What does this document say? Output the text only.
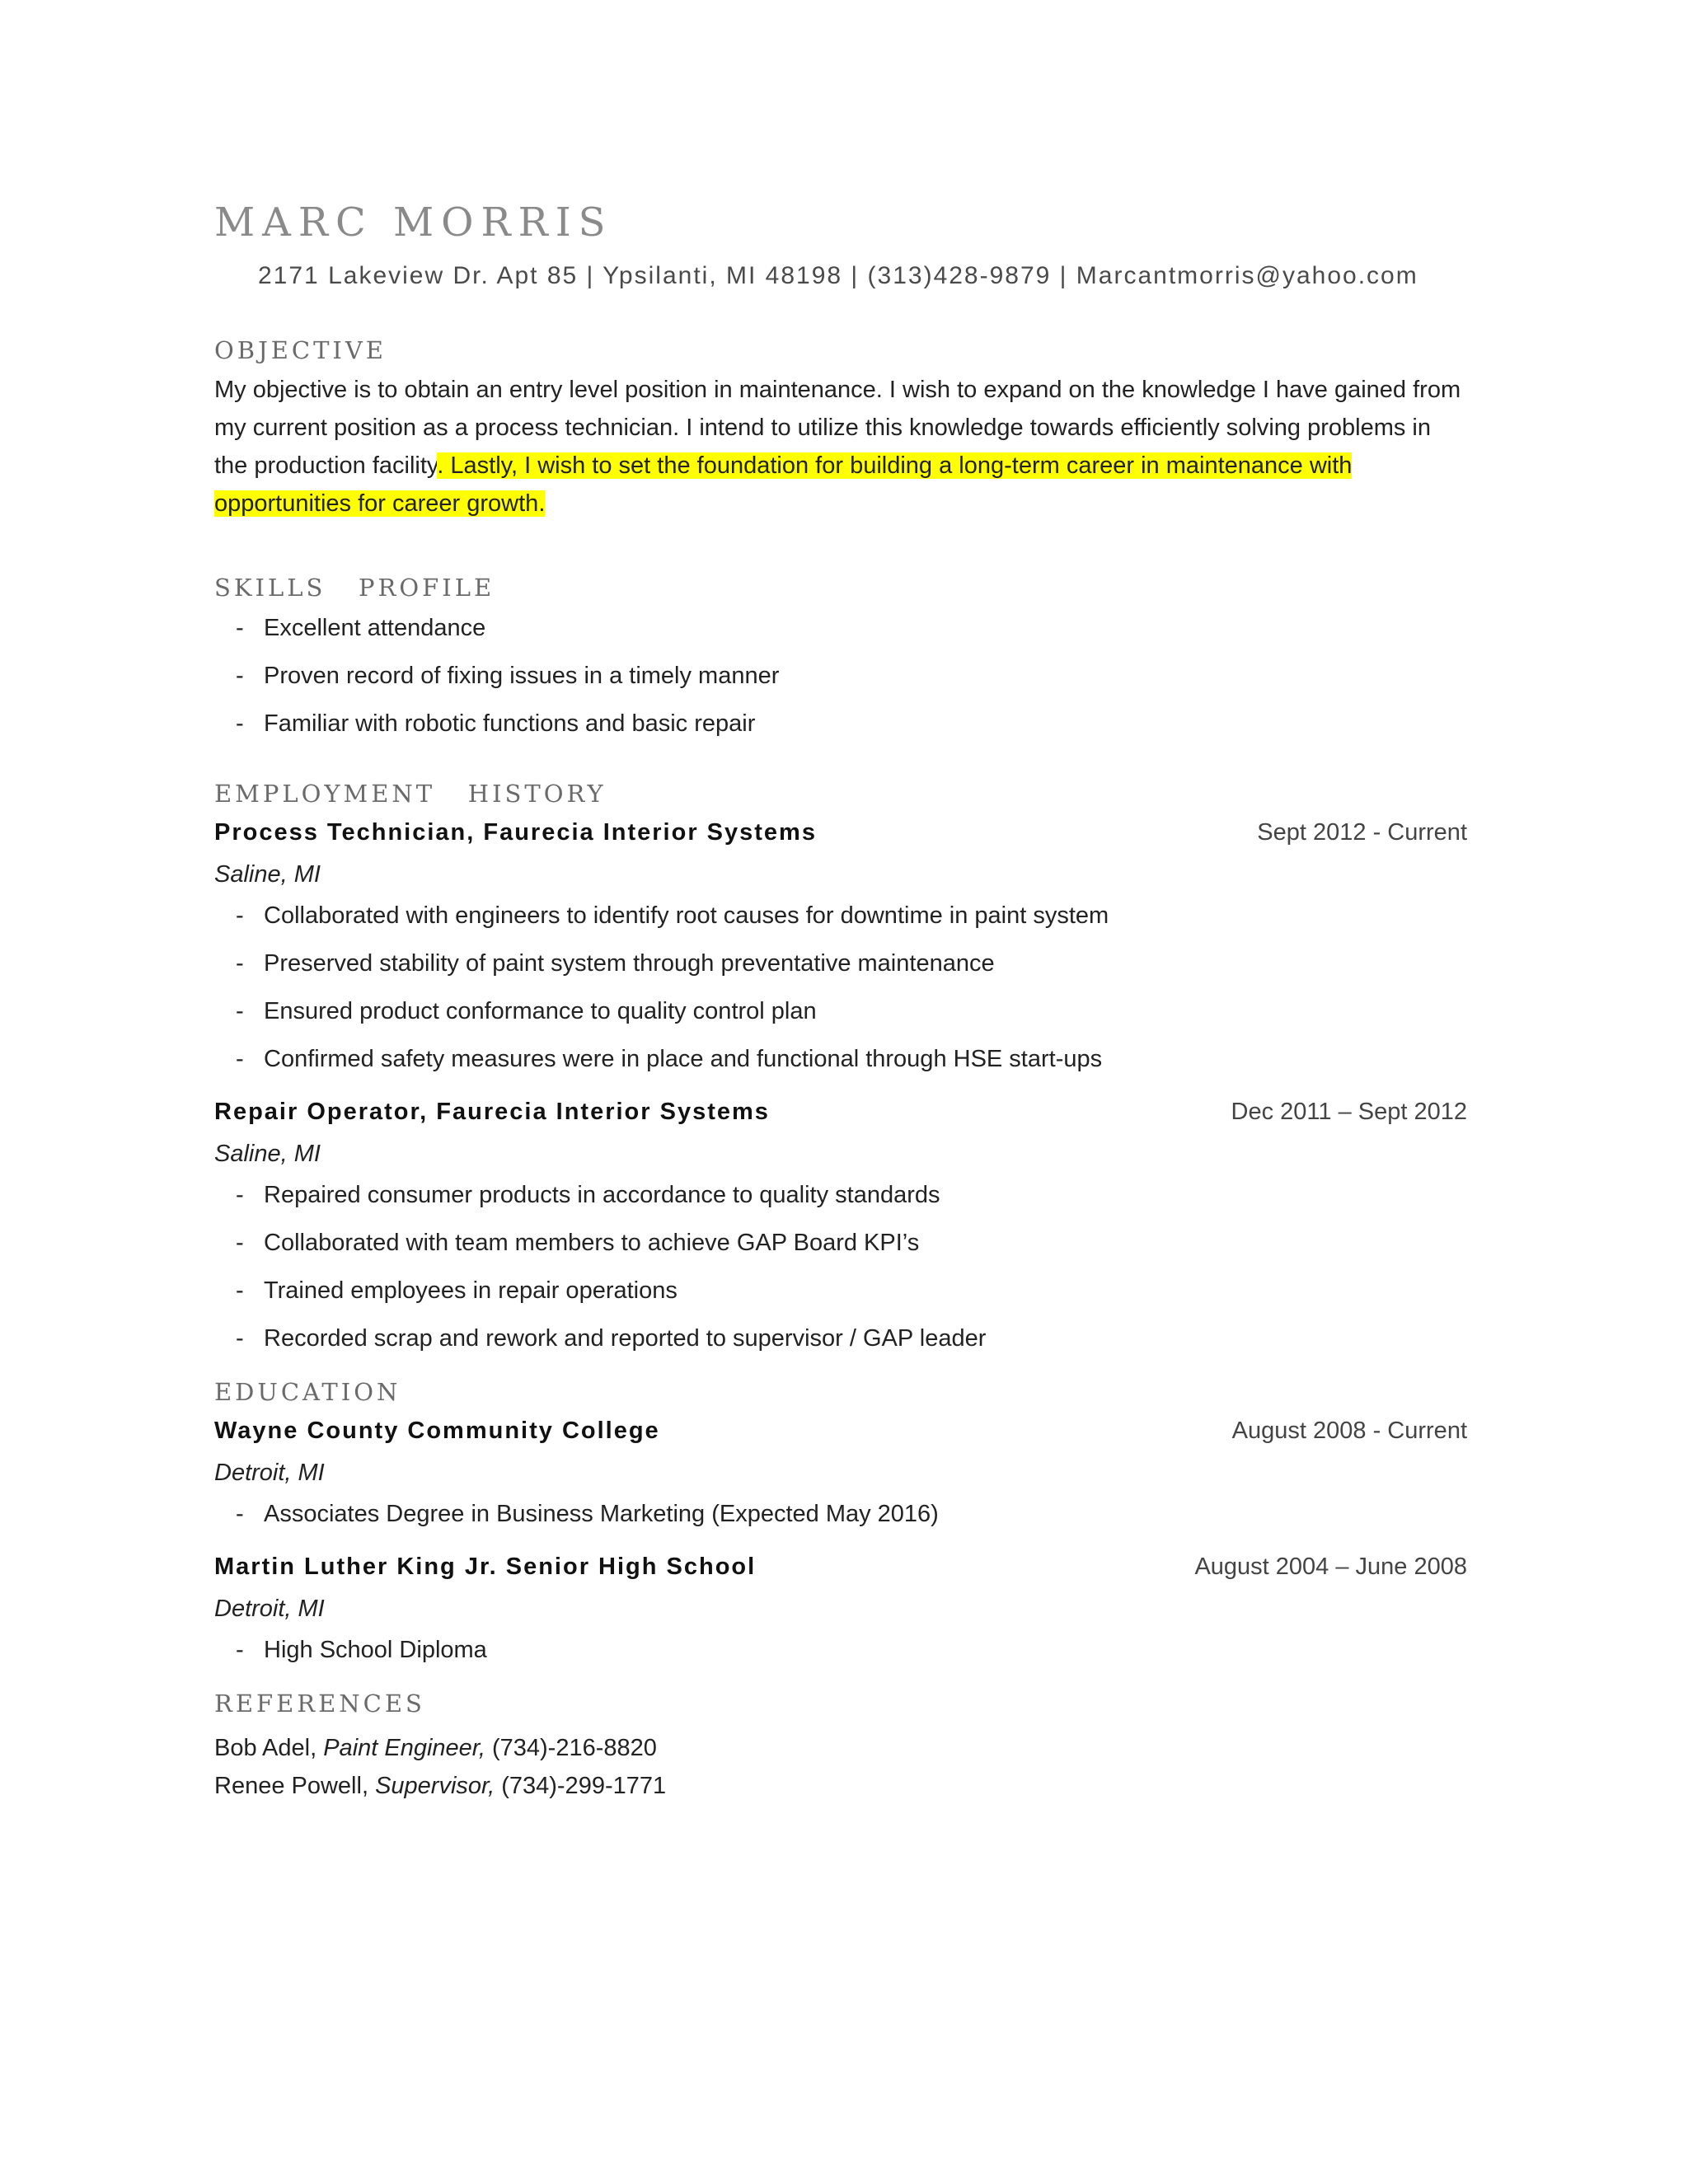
MARC MORRIS
2171 Lakeview Dr. Apt 85 | Ypsilanti, MI 48198 | (313)428-9879 | Marcantmorris@yahoo.com
OBJECTIVE

My objective is to obtain an entry level position in maintenance. I wish to expand on the knowledge I have gained from my current position as a process technician. I intend to utilize this knowledge towards efficiently solving problems in the production facility. Lastly, I wish to set the foundation for building a long-term career in maintenance with opportunities for career growth.

SKILLS   PROFILE
- Excellent attendance
- Proven record of fixing issues in a timely manner
- Familiar with robotic functions and basic repair
EMPLOYMENT   HISTORY
Process Technician, Faurecia Interior Systems	Sept 2012 - Current
Saline, MI
- Collaborated with engineers to identify root causes for downtime in paint system
- Preserved stability of paint system through preventative maintenance
- Ensured product conformance to quality control plan
- Confirmed safety measures were in place and functional through HSE start-ups
Repair Operator, Faurecia Interior Systems	Dec 2011 – Sept 2012
Saline, MI
- Repaired consumer products in accordance to quality standards
- Collaborated with team members to achieve GAP Board KPI’s
- Trained employees in repair operations
- Recorded scrap and rework and reported to supervisor / GAP leader
EDUCATION
Wayne County Community College	August 2008 - Current
Detroit, MI
- Associates Degree in Business Marketing (Expected May 2016)
Martin Luther King Jr. Senior High School	August 2004 – June 2008
Detroit, MI
- High School Diploma
REFERENCES
Bob Adel, Paint Engineer, (734)-216-8820
Renee Powell, Supervisor, (734)-299-1771
